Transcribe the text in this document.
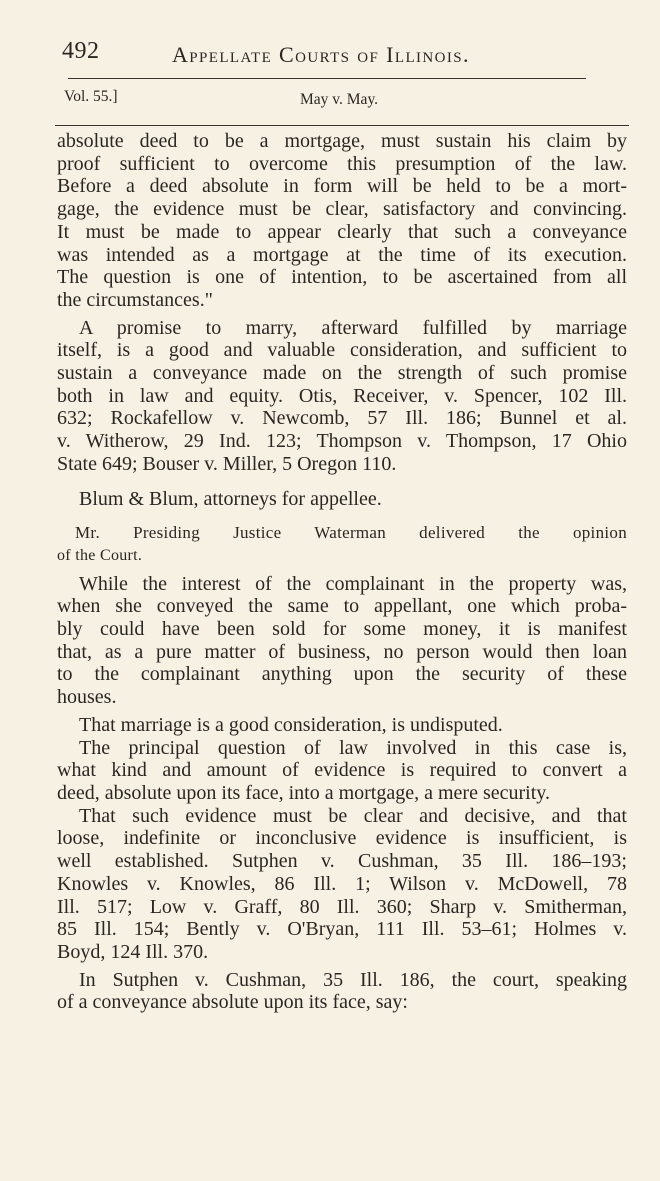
492	Appellate Courts of Illinois.
Vol. 55.]	May v. May.
absolute deed to be a mortgage, must sustain his claim by
proof sufficient to overcome this presumption of the law.
Before a deed absolute in form will be held to be a mort-
gage, the evidence must be clear, satisfactory and convincing.
It must be made to appear clearly that such a conveyance
was intended as a mortgage at the time of its execution.
The question is one of intention, to be ascertained from all
the circumstances."
A promise to marry, afterward fulfilled by marriage
itself, is a good and valuable consideration, and sufficient to
sustain a conveyance made on the strength of such promise
both in law and equity. Otis, Receiver, v. Spencer, 102 Ill.
632; Rockafellow v. Newcomb, 57 Ill. 186; Bunnel et al.
v. Witherow, 29 Ind. 123; Thompson v. Thompson, 17 Ohio
State 649; Bouser v. Miller, 5 Oregon 110.
Blum & Blum, attorneys for appellee.
Mr. Presiding Justice Waterman delivered the opinion
of the Court.
While the interest of the complainant in the property was,
when she conveyed the same to appellant, one which proba-
bly could have been sold for some money, it is manifest
that, as a pure matter of business, no person would then loan
to the complainant anything upon the security of these
houses.
That marriage is a good consideration, is undisputed.
The principal question of law involved in this case is,
what kind and amount of evidence is required to convert a
deed, absolute upon its face, into a mortgage, a mere security.
That such evidence must be clear and decisive, and that
loose, indefinite or inconclusive evidence is insufficient, is
well established. Sutphen v. Cushman, 35 Ill. 186–193;
Knowles v. Knowles, 86 Ill. 1; Wilson v. McDowell, 78
Ill. 517; Low v. Graff, 80 Ill. 360; Sharp v. Smitherman,
85 Ill. 154; Bently v. O'Bryan, 111 Ill. 53–61; Holmes v.
Boyd, 124 Ill. 370.
In Sutphen v. Cushman, 35 Ill. 186, the court, speaking
of a conveyance absolute upon its face, say:
